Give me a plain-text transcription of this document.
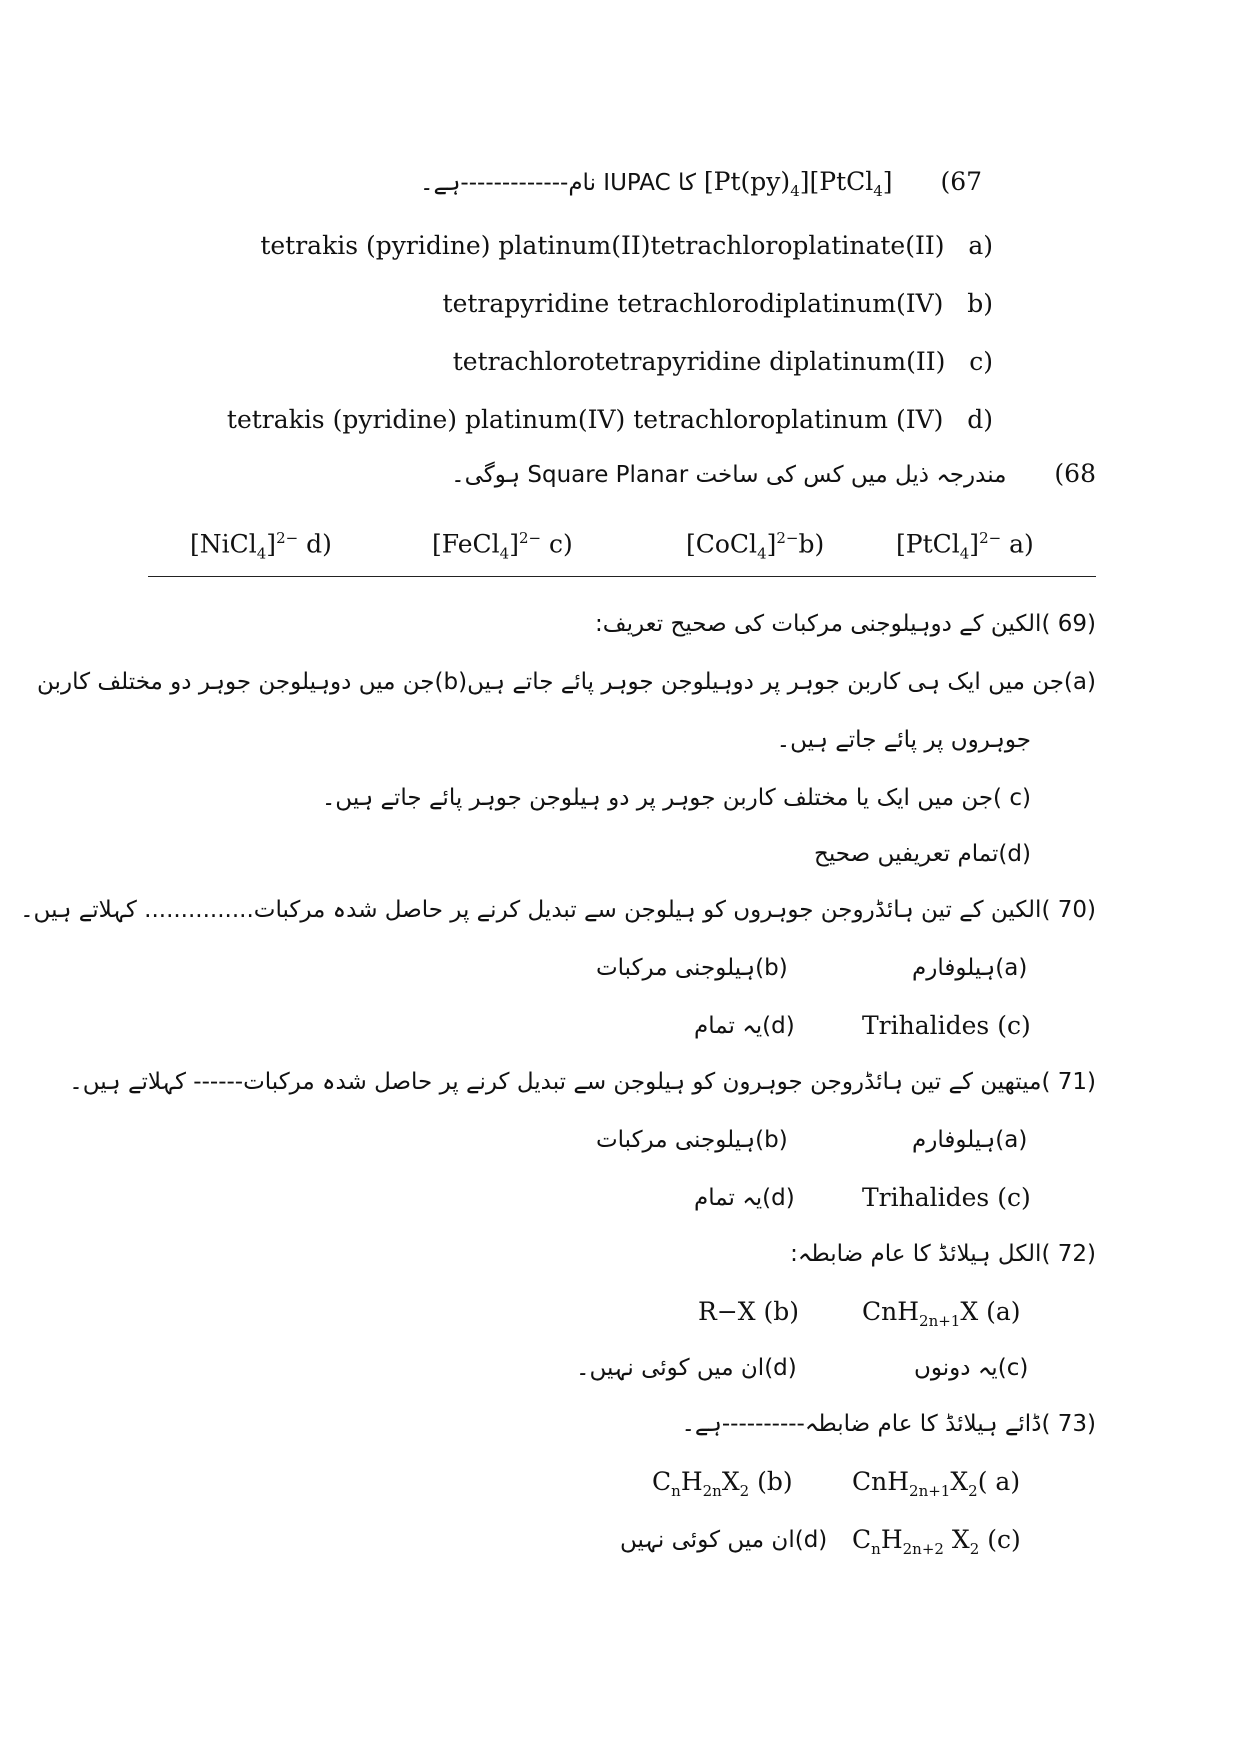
کا IUPAC نام-------------ہے۔ $[Pt(py)_4][PtCl_4]$ (67
tetrakis (pyridine) platinum(II)tetrachloroplatinate(II) a)
tetrapyridine tetrachlorodiplatinum(IV) b)
tetrachlorotetrapyridine diplatinum(II) c)
tetrakis (pyridine) platinum(IV) tetrachloroplatinum (IV) d)
مندرجہ ذیل میں کس کی ساخت Square Planar ہوگی۔ (68
[NiCl$_4$]$^{2-}$ d)	[FeCl$_4$]$^{2-}$ c)	[CoCl$_4$]$^{2-}$b)	[PtCl$_4$]$^{2-}$ a)
(69 )الکین کے دوہیلوجنی مرکبات کی صحیح تعریف:
(a)جن میں ایک ہی کاربن جوہر پر دوہیلوجن جوہر پائے جاتے ہیں(b)جن میں دوہیلوجن جوہر دو مختلف کاربن
جوہروں پر پائے جاتے ہیں۔
(c )جن میں ایک یا مختلف کاربن جوہر پر دو ہیلوجن جوہر پائے جاتے ہیں۔
(d)تمام تعریفیں صحیح
(70 )الکین کے تین ہائڈروجن جوہروں کو ہیلوجن سے تبدیل کرنے پر حاصل شدہ مرکبات............... کہلاتے ہیں۔
(a)ہیلوفارم
(b)ہیلوجنی مرکبات
Trihalides (c)
(d)یہ تمام
(71 )میتھین کے تین ہائڈروجن جوہرون کو ہیلوجن سے تبدیل کرنے پر حاصل شدہ مرکبات------ کہلاتے ہیں۔
(a)ہیلوفارم
(b)ہیلوجنی مرکبات
Trihalides (c)
(d)یہ تمام
(72 )الکل ہیلائڈ کا عام ضابطہ:
CnH$_{2n+1}$X (a)
R−X (b)
(c)یہ دونوں
(d)ان میں کوئی نہیں۔
(73 )ڈائے ہیلائڈ کا عام ضابطہ----------ہے۔
$CnH_{2n+1}X_2$( a)
$C_nH_{2n}X_2$ (b)
$C_nH_{2n+2}$ $X_2$ (c)
(d)ان میں کوئی نہیں
